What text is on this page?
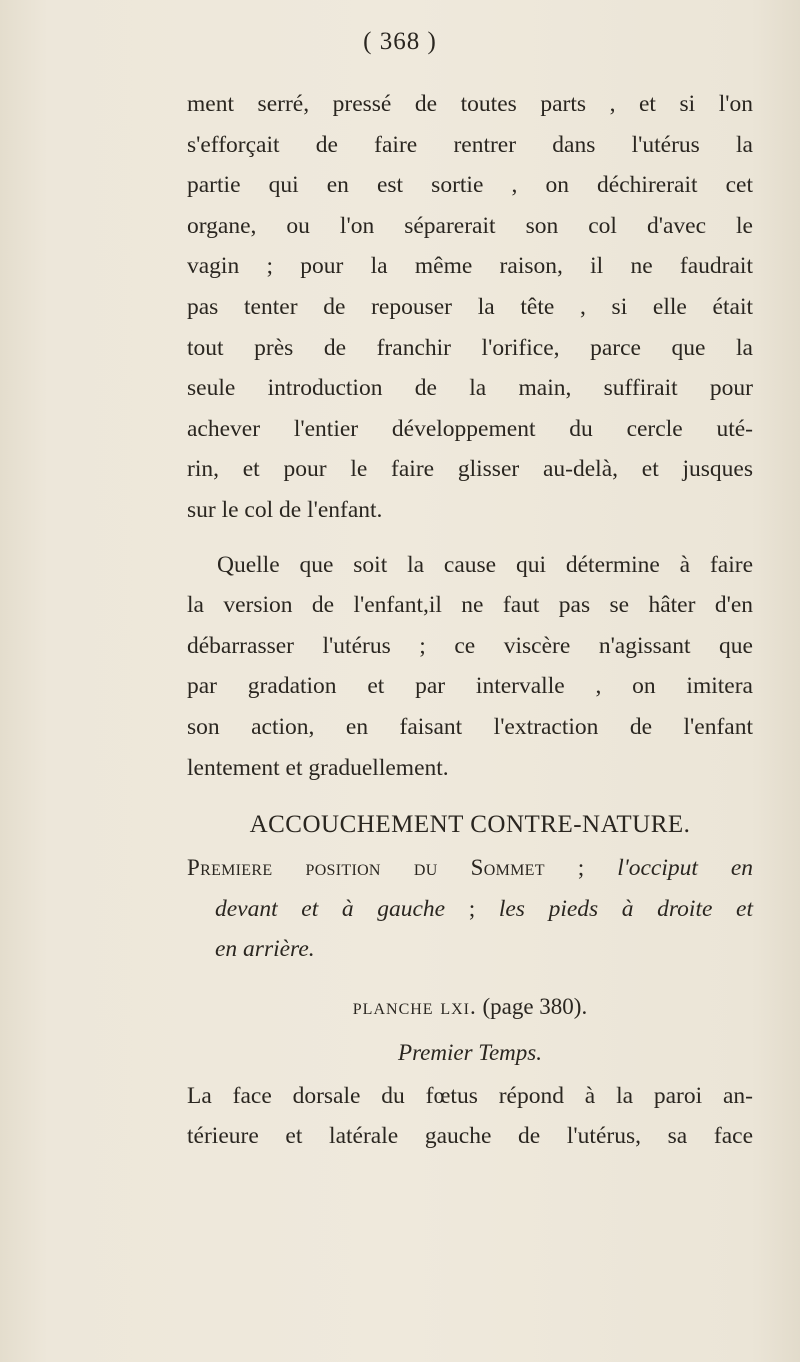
( 368 )
ment serré, pressé de toutes parts , et si l'on
s'efforçait de faire rentrer dans l'utérus la
partie qui en est sortie , on déchirerait cet
organe, ou l'on séparerait son col d'avec le
vagin ; pour la même raison, il ne faudrait
pas tenter de repouser la tête , si elle était
tout près de franchir l'orifice, parce que la
seule introduction de la main, suffirait pour
achever l'entier développement du cercle uté-
rin, et pour le faire glisser au-delà, et jusques
sur le col de l'enfant.
Quelle que soit la cause qui détermine à faire
la version de l'enfant,il ne faut pas se hâter d'en
débarrasser l'utérus ; ce viscère n'agissant que
par gradation et par intervalle , on imitera
son action, en faisant l'extraction de l'enfant
lentement et graduellement.
ACCOUCHEMENT CONTRE-NATURE.
Premiere position du Sommet ; l'occiput en
devant et à gauche ; les pieds à droite et
en arrière.
planche lxi. (page 380).
Premier Temps.
La face dorsale du fœtus répond à la paroi an-
térieure et latérale gauche de l'utérus, sa face
